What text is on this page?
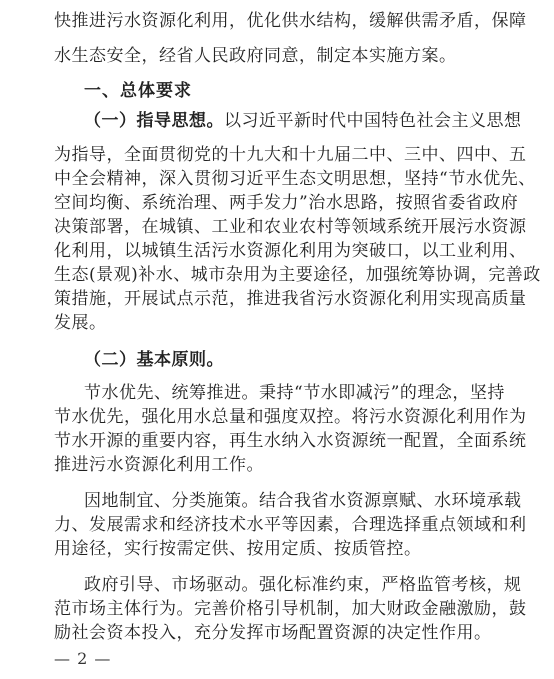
快推进污水资源化利用，优化供水结构，缓解供需矛盾，保障
水生态安全，经省人民政府同意，制定本实施方案。
一、总体要求
（一）指导思想。以习近平新时代中国特色社会主义思想
为指导，全面贯彻党的十九大和十九届二中、三中、四中、五
中全会精神，深入贯彻习近平生态文明思想，坚持“节水优先、
空间均衡、系统治理、两手发力”治水思路，按照省委省政府
决策部署，在城镇、工业和农业农村等领域系统开展污水资源
化利用，以城镇生活污水资源化利用为突破口，以工业利用、
生态(景观)补水、城市杂用为主要途径，加强统筹协调，完善政
策措施，开展试点示范，推进我省污水资源化利用实现高质量
发展。
（二）基本原则。
节水优先、统筹推进。秉持“节水即减污”的理念，坚持
节水优先，强化用水总量和强度双控。将污水资源化利用作为
节水开源的重要内容，再生水纳入水资源统一配置，全面系统
推进污水资源化利用工作。
因地制宜、分类施策。结合我省水资源禀赋、水环境承载
力、发展需求和经济技术水平等因素，合理选择重点领域和利
用途径，实行按需定供、按用定质、按质管控。
政府引导、市场驱动。强化标准约束，严格监管考核，规
范市场主体行为。完善价格引导机制，加大财政金融激励，鼓
励社会资本投入，充分发挥市场配置资源的决定性作用。
— 2 —
